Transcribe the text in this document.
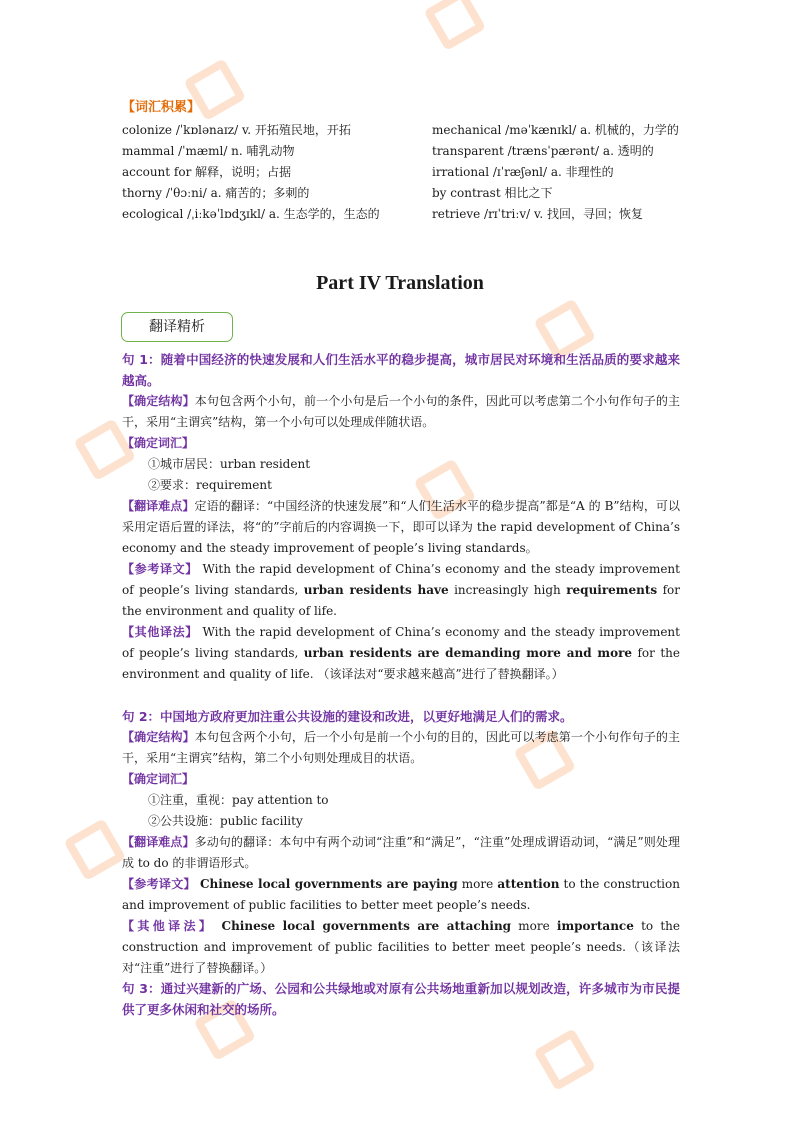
【词汇积累】
colonize /ˈkɒlənaɪz/ v. 开拓殖民地，开拓	mechanical /məˈkænɪkl/ a. 机械的，力学的
mammal /ˈmæml/ n. 哺乳动物	transparent /trænsˈpærənt/ a. 透明的
account for 解释，说明；占据	irrational /ɪˈræʃənl/ a. 非理性的
thorny /ˈθɔːni/ a. 痛苦的；多刺的	by contrast 相比之下
ecological /ˌiːkəˈlɒdʒɪkl/ a. 生态学的，生态的	retrieve /rɪˈtriːv/ v. 找回，寻回；恢复
Part IV Translation
翻译精析

句 1：随着中国经济的快速发展和人们生活水平的稳步提高，城市居民对环境和生活品质的要求越来越高。

【确定结构】本句包含两个小句，前一个小句是后一个小句的条件，因此可以考虑第二个小句作句子的主干，采用“主谓宾”结构，第一个小句可以处理成伴随状语。

【确定词汇】

①城市居民：urban resident

②要求：requirement

【翻译难点】定语的翻译：“中国经济的快速发展”和“人们生活水平的稳步提高”都是“A 的 B”结构，可以采用定语后置的译法，将“的”字前后的内容调换一下，即可以译为 the rapid development of China’s economy and the steady improvement of people’s living standards。

【参考译文】 With the rapid development of China’s economy and the steady improvement of people’s living standards, urban residents have increasingly high requirements for the environment and quality of life.

【其他译法】 With the rapid development of China’s economy and the steady improvement of people’s living standards, urban residents are demanding more and more for the environment and quality of life. （该译法对“要求越来越高”进行了替换翻译。）

句 2：中国地方政府更加注重公共设施的建设和改进，以更好地满足人们的需求。

【确定结构】本句包含两个小句，后一个小句是前一个小句的目的，因此可以考虑第一个小句作句子的主干，采用“主谓宾”结构，第二个小句则处理成目的状语。

【确定词汇】

①注重，重视：pay attention to

②公共设施：public facility

【翻译难点】多动句的翻译：本句中有两个动词“注重”和“满足”，“注重”处理成谓语动词，“满足”则处理成 to do 的非谓语形式。

【参考译文】 Chinese local governments are paying more attention to the construction and improvement of public facilities to better meet people’s needs.

【其他译法】 Chinese local governments are attaching more importance to the construction and improvement of public facilities to better meet people’s needs.（该译法对“注重”进行了替换翻译。）

句 3：通过兴建新的广场、公园和公共绿地或对原有公共场地重新加以规划改造，许多城市为市民提供了更多休闲和社交的场所。
